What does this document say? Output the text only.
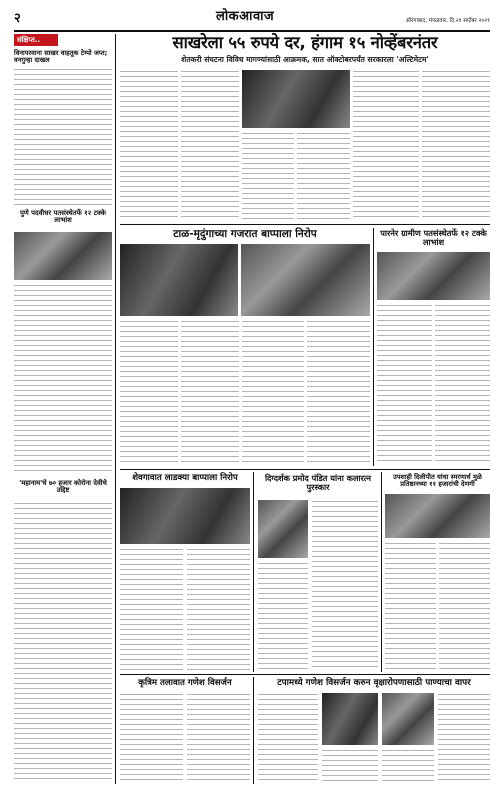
२	लोकआवाज	औरंगाबाद, मंगळवार, दि.२१ सप्टेंबर २०२१
संक्षिप्त..
विनापरवाना साखर वाहतूक टेम्पो जप्त; वनगुन्हा दाखल
पुणे पदवीधर पतसंस्थेतर्फे १२ टक्के लाभांश
'महानाम'चे ७० हजार कोरोना देवीचे उद्दिष्ट
साखरेला ५५ रुपये दर, हंगाम १५ नोव्हेंबरनंतर
शेतकरी संघटना विविध मागण्यांसाठी आक्रमक, सात ऑक्टोबरपर्यंत सरकारला 'अल्टिमेटम'
टाळ-मृदुंगाच्या गजरात बाप्पाला निरोप	पारनेर ग्रामीण पतसंस्थेतर्फे १२ टक्के लाभांश
शेवगावात लाडक्या बाप्पाला निरोप	दिग्दर्शक प्रमोद पंडित यांना कलारत्न पुरस्कार
उपशाही दिलीपीत यांचा स्मरणार्थ मुळे प्रतिष्ठानच्या ११ हजारांची देणगी
कृत्रिम तलावात गणेश विसर्जन	टपामध्ये गणेश विसर्जन करुन वृक्षारोपणासाठी पाण्याचा वापर
